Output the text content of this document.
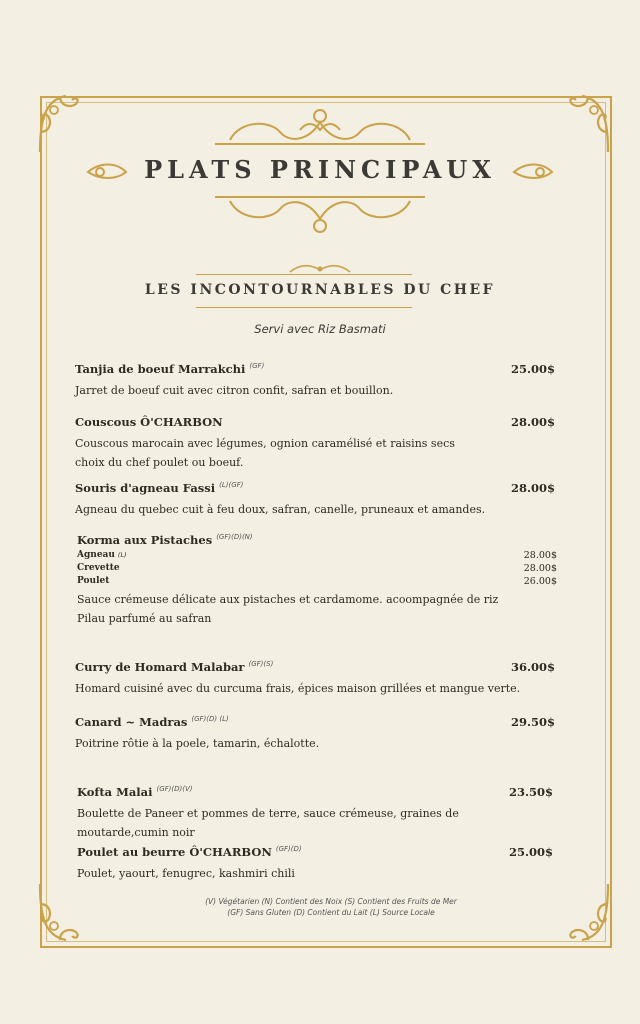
PLATS PRINCIPAUX
LES INCONTOURNABLES DU CHEF
Servi avec Riz Basmati
Tanjia de boeuf Marrakchi $^{(GF)}$	25.00$
Jarret de boeuf cuit avec citron confit, safran et bouillon.
Couscous Ô'CHARBON	28.00$
Couscous marocain avec légumes, ognion caramélisé et raisins secs
choix du chef poulet ou boeuf.
Souris d'agneau Fassi $^{(L)(GF)}$	28.00$
Agneau du quebec cuit à feu doux, safran, canelle, pruneaux et amandes.
Korma aux Pistaches $^{(GF)(D)(N)}$
Agneau (L)	28.00$
Crevette	28.00$
Poulet	26.00$
Sauce crémeuse délicate aux pistaches et cardamome. acoompagnée de riz
Pilau parfumé au safran
Curry de Homard Malabar $^{(GF)(S)}$	36.00$
Homard cuisiné avec du curcuma frais, épices maison grillées et mangue verte.
Canard ~ Madras $^{(GF)(D) (L)}$	29.50$
Poitrine rôtie à la poele, tamarin, échalotte.
Kofta Malai $^{(GF)(D)(V)}$	23.50$
Boulette de Paneer et pommes de terre, sauce crémeuse, graines de moutarde,cumin noir
Poulet au beurre Ô'CHARBON $^{(GF)(D)}$	25.00$
Poulet, yaourt, fenugrec, kashmiri chili
(V) Végétarien (N) Contient des Noix (S) Contient des Fruits de Mer
(GF) Sans Gluten (D) Contient du Lait (L) Source Locale
